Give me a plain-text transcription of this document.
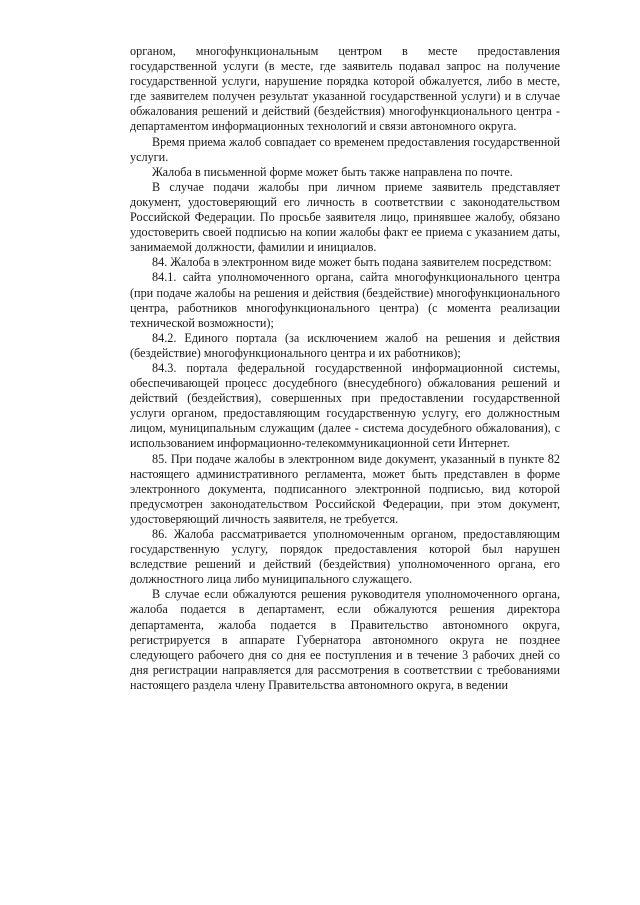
органом, многофункциональным центром в месте предоставления государственной услуги (в месте, где заявитель подавал запрос на получение государственной услуги, нарушение порядка которой обжалуется, либо в месте, где заявителем получен результат указанной государственной услуги) и в случае обжалования решений и действий (бездействия) многофункционального центра - департаментом информационных технологий и связи автономного округа.

Время приема жалоб совпадает со временем предоставления государственной услуги.

Жалоба в письменной форме может быть также направлена по почте.

В случае подачи жалобы при личном приеме заявитель представляет документ, удостоверяющий его личность в соответствии с законодательством Российской Федерации. По просьбе заявителя лицо, принявшее жалобу, обязано удостоверить своей подписью на копии жалобы факт ее приема с указанием даты, занимаемой должности, фамилии и инициалов.

84. Жалоба в электронном виде может быть подана заявителем посредством:

84.1. сайта уполномоченного органа, сайта многофункционального центра (при подаче жалобы на решения и действия (бездействие) многофункционального центра, работников многофункционального центра) (с момента реализации технической возможности);

84.2. Единого портала (за исключением жалоб на решения и действия (бездействие) многофункционального центра и их работников);

84.3. портала федеральной государственной информационной системы, обеспечивающей процесс досудебного (внесудебного) обжалования решений и действий (бездействия), совершенных при предоставлении государственной услуги органом, предоставляющим государственную услугу, его должностным лицом, муниципальным служащим (далее - система досудебного обжалования), с использованием информационно-телекоммуникационной сети Интернет.

85. При подаче жалобы в электронном виде документ, указанный в пункте 82 настоящего административного регламента, может быть представлен в форме электронного документа, подписанного электронной подписью, вид которой предусмотрен законодательством Российской Федерации, при этом документ, удостоверяющий личность заявителя, не требуется.

86. Жалоба рассматривается уполномоченным органом, предоставляющим государственную услугу, порядок предоставления которой был нарушен вследствие решений и действий (бездействия) уполномоченного органа, его должностного лица либо муниципального служащего.

В случае если обжалуются решения руководителя уполномоченного органа, жалоба подается в департамент, если обжалуются решения директора департамента, жалоба подается в Правительство автономного округа, регистрируется в аппарате Губернатора автономного округа не позднее следующего рабочего дня со дня ее поступления и в течение 3 рабочих дней со дня регистрации направляется для рассмотрения в соответствии с требованиями настоящего раздела члену Правительства автономного округа, в ведении
